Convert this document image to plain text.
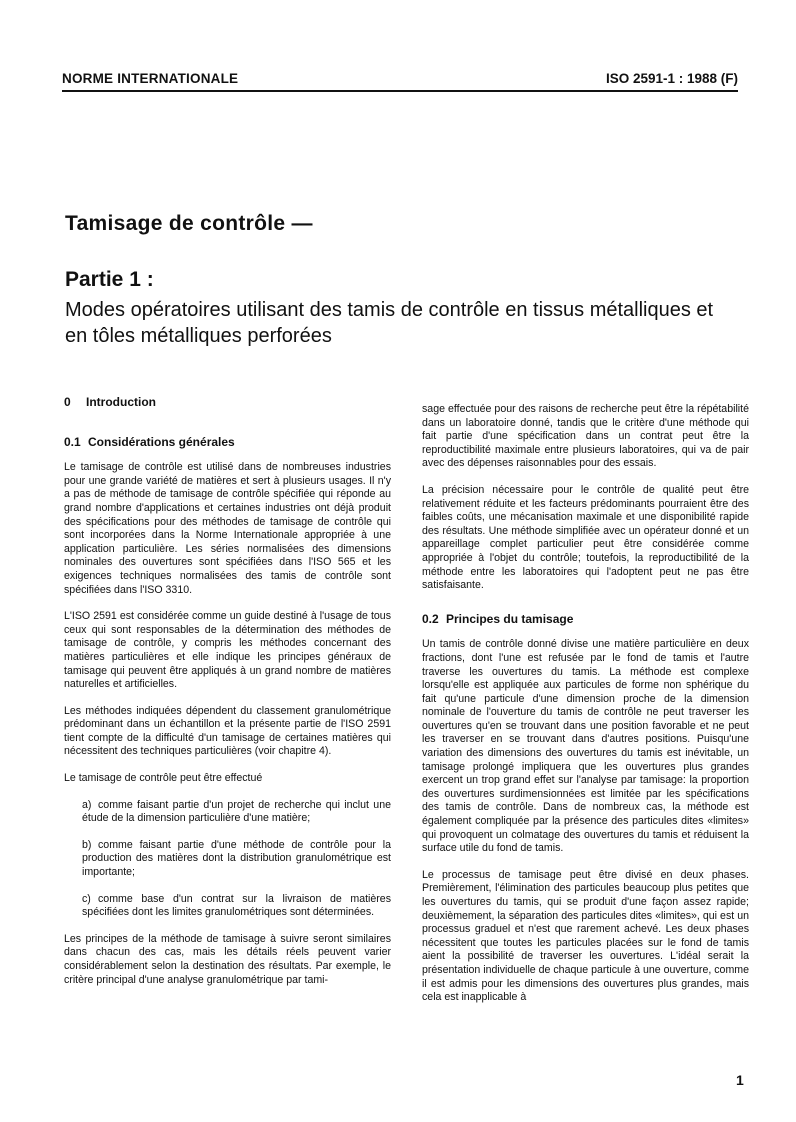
NORME INTERNATIONALE	ISO 2591-1 : 1988 (F)
Tamisage de contrôle —
Partie 1 :
Modes opératoires utilisant des tamis de contrôle en tissus métalliques et en tôles métalliques perforées
0 Introduction
0.1 Considérations générales

Le tamisage de contrôle est utilisé dans de nombreuses industries pour une grande variété de matières et sert à plusieurs usages. Il n'y a pas de méthode de tamisage de contrôle spécifiée qui réponde au grand nombre d'applications et certaines industries ont déjà produit des spécifications pour des méthodes de tamisage de contrôle qui sont incorporées dans la Norme Internationale appropriée à une application particulière. Les séries normalisées des dimensions nominales des ouvertures sont spécifiées dans l'ISO 565 et les exigences techniques normalisées des tamis de contrôle sont spécifiées dans l'ISO 3310.

L'ISO 2591 est considérée comme un guide destiné à l'usage de tous ceux qui sont responsables de la détermination des méthodes de tamisage de contrôle, y compris les méthodes concernant des matières particulières et elle indique les principes généraux de tamisage qui peuvent être appliqués à un grand nombre de matières naturelles et artificielles.

Les méthodes indiquées dépendent du classement granulométrique prédominant dans un échantillon et la présente partie de l'ISO 2591 tient compte de la difficulté d'un tamisage de certaines matières qui nécessitent des techniques particulières (voir chapitre 4).

Le tamisage de contrôle peut être effectué

a) comme faisant partie d'un projet de recherche qui inclut une étude de la dimension particulière d'une matière;
b) comme faisant partie d'une méthode de contrôle pour la production des matières dont la distribution granulométrique est importante;
c) comme base d'un contrat sur la livraison de matières spécifiées dont les limites granulométriques sont déterminées.

Les principes de la méthode de tamisage à suivre seront similaires dans chacun des cas, mais les détails réels peuvent varier considérablement selon la destination des résultats. Par exemple, le critère principal d'une analyse granulométrique par tami-

sage effectuée pour des raisons de recherche peut être la répétabilité dans un laboratoire donné, tandis que le critère d'une méthode qui fait partie d'une spécification dans un contrat peut être la reproductibilité maximale entre plusieurs laboratoires, qui va de pair avec des dépenses raisonnables pour des essais.

La précision nécessaire pour le contrôle de qualité peut être relativement réduite et les facteurs prédominants pourraient être des faibles coûts, une mécanisation maximale et une disponibilité rapide des résultats. Une méthode simplifiée avec un opérateur donné et un appareillage complet particulier peut être considérée comme appropriée à l'objet du contrôle; toutefois, la reproductibilité de la méthode entre les laboratoires qui l'adoptent peut ne pas être satisfaisante.

0.2 Principes du tamisage

Un tamis de contrôle donné divise une matière particulière en deux fractions, dont l'une est refusée par le fond de tamis et l'autre traverse les ouvertures du tamis. La méthode est complexe lorsqu'elle est appliquée aux particules de forme non sphérique du fait qu'une particule d'une dimension proche de la dimension nominale de l'ouverture du tamis de contrôle ne peut traverser les ouvertures qu'en se trouvant dans une position favorable et ne peut les traverser en se trouvant dans d'autres positions. Puisqu'une variation des dimensions des ouvertures du tamis est inévitable, un tamisage prolongé impliquera que les ouvertures plus grandes exercent un trop grand effet sur l'analyse par tamisage: la proportion des ouvertures surdimensionnées est limitée par les spécifications des tamis de contrôle. Dans de nombreux cas, la méthode est également compliquée par la présence des particules dites «limites» qui provoquent un colmatage des ouvertures du tamis et réduisent la surface utile du fond de tamis.

Le processus de tamisage peut être divisé en deux phases. Premièrement, l'élimination des particules beaucoup plus petites que les ouvertures du tamis, qui se produit d'une façon assez rapide; deuxièmement, la séparation des particules dites «limites», qui est un processus graduel et n'est que rarement achevé. Les deux phases nécessitent que toutes les particules placées sur le fond de tamis aient la possibilité de traverser les ouvertures. L'idéal serait la présentation individuelle de chaque particule à une ouverture, comme il est admis pour les dimensions des ouvertures plus grandes, mais cela est inapplicable à

1
